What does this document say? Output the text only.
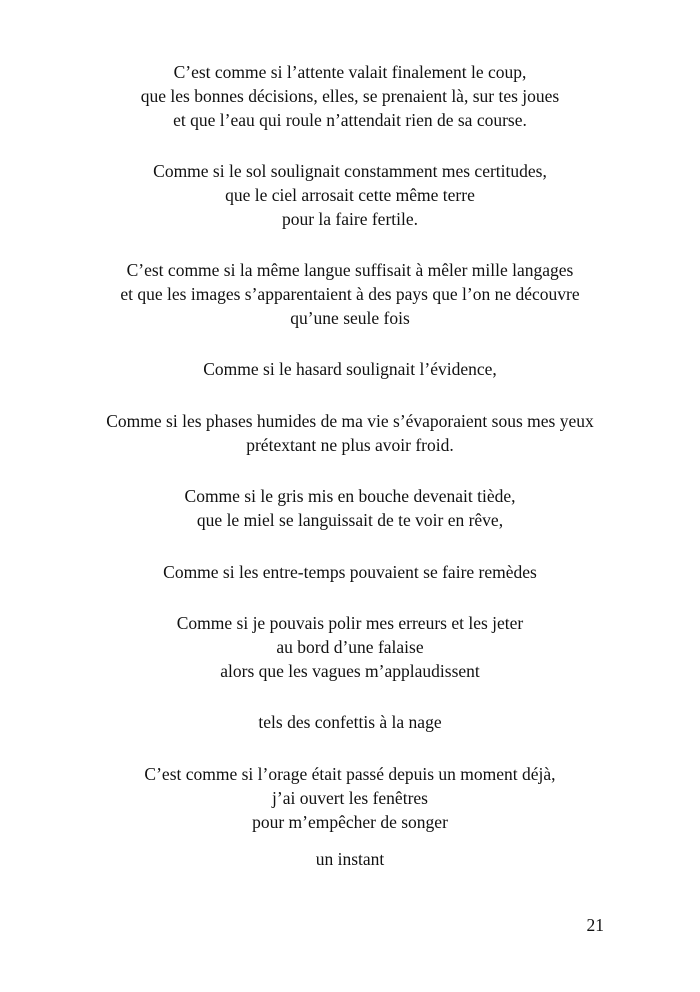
C’est comme si l’attente valait finalement le coup,
que les bonnes décisions, elles, se prenaient là, sur tes joues
et que l’eau qui roule n’attendait rien de sa course.
Comme si le sol soulignait constamment mes certitudes,
que le ciel arrosait cette même terre
pour la faire fertile.
C’est comme si la même langue suffisait à mêler mille langages
et que les images s’apparentaient à des pays que l’on ne découvre
qu’une seule fois
Comme si le hasard soulignait l’évidence,
Comme si les phases humides de ma vie s’évaporaient sous mes yeux
prétextant ne plus avoir froid.
Comme si le gris mis en bouche devenait tiède,
que le miel se languissait de te voir en rêve,
Comme si les entre-temps pouvaient se faire remèdes
Comme si je pouvais polir mes erreurs et les jeter
au bord d’une falaise
alors que les vagues m’applaudissent
tels des confettis à la nage
C’est comme si l’orage était passé depuis un moment déjà,
j’ai ouvert les fenêtres
pour m’empêcher de songer
un instant
21
